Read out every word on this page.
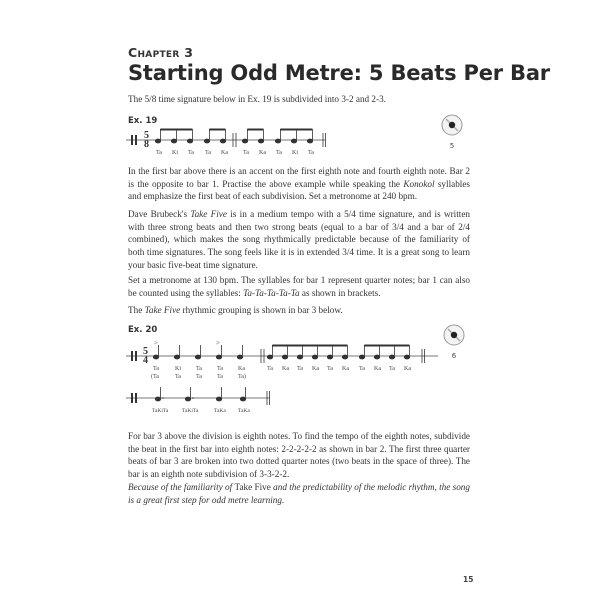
Chapter 3
Starting Odd Metre: 5 Beats Per Bar
The 5/8 time signature below in Ex. 19 is subdivided into 3-2 and 2-3.
Ex. 19
5
8
Ta Ki Ta Ta Ka	Ta Ka Ta Ki Ta
5
In the first bar above there is an accent on the first eighth note and fourth eighth note. Bar 2 is the opposite to bar 1. Practise the above example while speaking the Konokol syllables and emphasize the first beat of each subdivision. Set a metronome at 240 bpm.
Dave Brubeck's Take Five is in a medium tempo with a 5/4 time signature, and is written with three strong beats and then two strong beats (equal to a bar of 3/4 and a bar of 2/4 combined), which makes the song rhythmically predictable because of the familiarity of both time signatures. The song feels like it is in extended 3/4 time. It is a great song to learn your basic five-beat time signature.
Set a metronome at 130 bpm. The syllables for bar 1 represent quarter notes; bar 1 can also be counted using the syllables: Ta-Ta-Ta-Ta-Ta as shown in brackets.
The Take Five rhythmic grouping is shown in bar 3 below.
Ex. 20
5
4
>	>
Ta	Ki	Ta	Ta	Ka
(Ta	Ta	Ta	Ta	Ta)
Ta Ka Ta Ka Ta Ka Ta Ka Ta Ka
6
TaKiTa TaKiTa	TaKa TaKa
For bar 3 above the division is eighth notes. To find the tempo of the eighth notes, subdivide the beat in the first bar into eighth notes: 2-2-2-2-2 as shown in bar 2. The first three quarter beats of bar 3 are broken into two dotted quarter notes (two beats in the space of three). The bar is an eighth note subdivision of 3-3-2-2.
Because of the familiarity of Take Five and the predictability of the melodic rhythm, the song is a great first step for odd metre learning.
15
